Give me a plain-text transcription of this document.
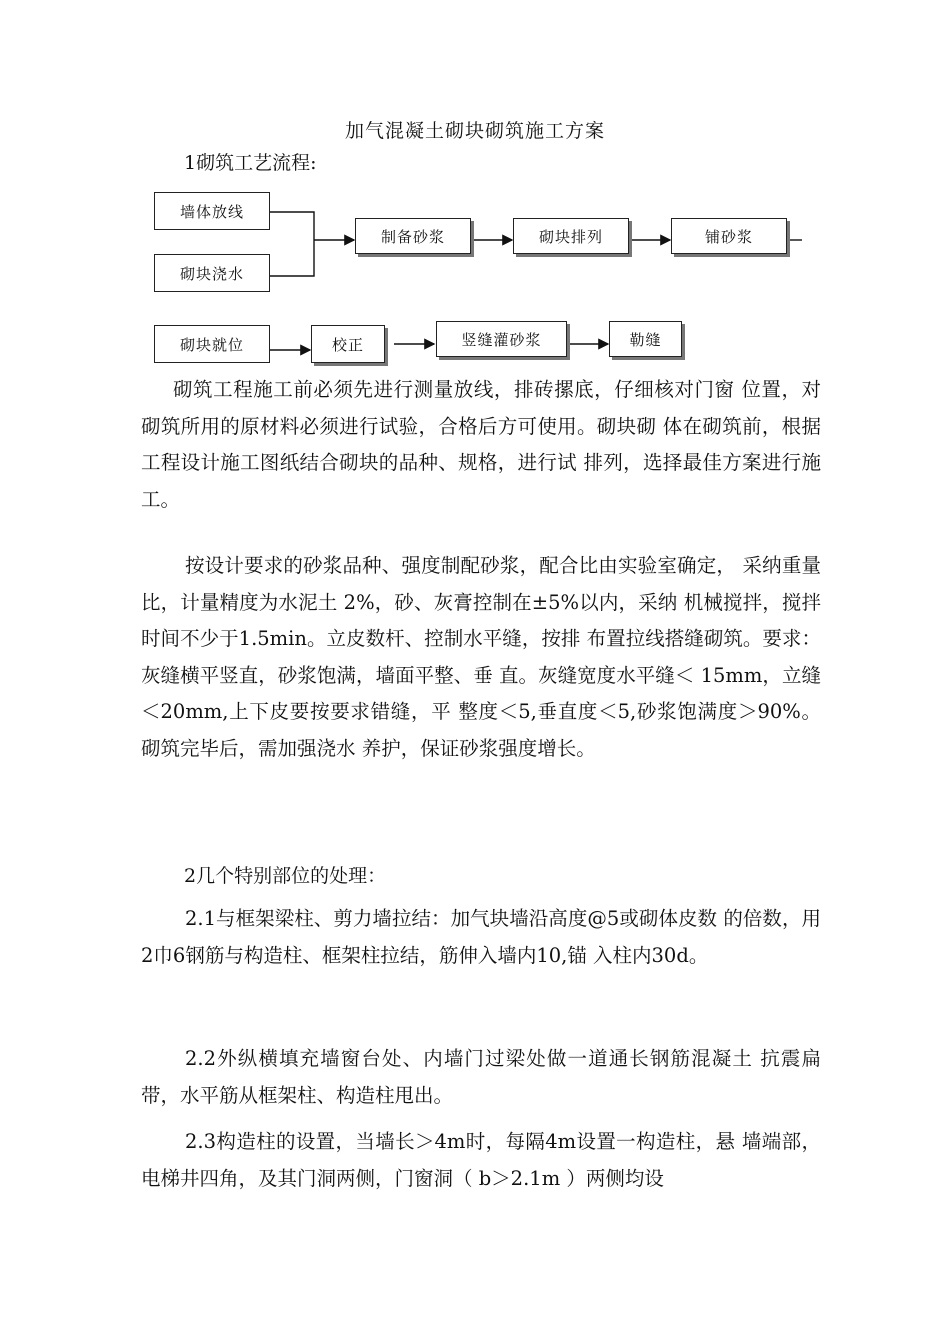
加气混凝土砌块砌筑施工方案
1砌筑工艺流程:
墙体放线
砌块浇水
制备砂浆	砌块排列	铺砂浆
砌块就位	校正	竖缝灌砂浆	勒缝

砌筑工程施工前必须先进行测量放线，排砖摞底，仔细核对门窗 位置，对砌筑所用的原材料必须进行试验，合格后方可使用。砌块砌 体在砌筑前，根据工程设计施工图纸结合砌块的品种、规格，进行试 排列，选择最佳方案进行施工。

按设计要求的砂浆品种、强度制配砂浆，配合比由实验室确定， 采纳重量比，计量精度为水泥土 2%，砂、灰膏控制在±5%以内，采纳 机械搅拌，搅拌时间不少于1.5min。立皮数杆、控制水平缝，按排 布置拉线搭缝砌筑。要求：灰缝横平竖直，砂浆饱满，墙面平整、垂 直。灰缝宽度水平缝＜ 15mm，立缝＜20mm,上下皮要按要求错缝，平 整度＜5,垂直度＜5,砂浆饱满度＞90%。砌筑完毕后，需加强浇水 养护，保证砂浆强度增长。

2几个特别部位的处理：

2.1与框架梁柱、剪力墙拉结：加气块墙沿高度@5或砌体皮数 的倍数，用2巾6钢筋与构造柱、框架柱拉结，筋伸入墙内10,锚 入柱内30d。

2.2外纵横填充墙窗台处、内墙门过梁处做一道通长钢筋混凝土 抗震扁带，水平筋从框架柱、构造柱甩出。

2.3构造柱的设置，当墙长＞4m时，每隔4m设置一构造柱，悬 墙端部，电梯井四角，及其门洞两侧，门窗洞（ b＞2.1m ）两侧均设
